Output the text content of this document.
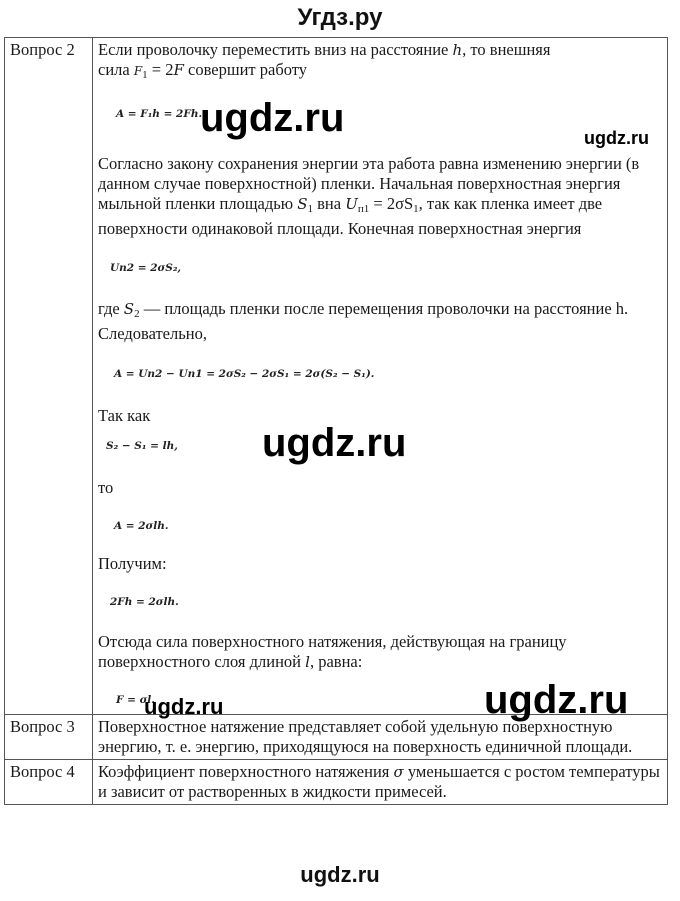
Угдз.ру
Вопрос 2	Если проволочку переместить вниз на расстояние h, то внешняя
сила F1 = 2F совершит работу

A = F₁h = 2Fh.

Согласно закону сохранения энергии эта работа равна изменению энергии (в данном случае поверхностной) пленки. Начальная поверхностная энергия мыльной пленки площадью S1 вна Uп1 = 2σS1, так как пленка имеет две поверхности одинаковой площади. Конечная поверхностная энергия

Uп2 = 2σS₂,

где S2 — площадь пленки после перемещения проволочки на расстояние h.
Следовательно,

A = Uп2 − Uп1 = 2σS₂ − 2σS₁ = 2σ(S₂ − S₁).

Так как

S₂ − S₁ = lh,

то

A = 2σlh.

Получим:

2Fh = 2σlh.

Отсюда сила поверхностного натяжения, действующая на границу поверхностного слоя длиной l, равна:

F = σl.

Вопрос 3	Поверхностное натяжение представляет собой удельную поверхностную энергию, т. е. энергию, приходящуюся на поверхность единичной площади.
Вопрос 4	Коэффициент поверхностного натяжения σ уменьшается с ростом температуры и зависит от растворенных в жидкости примесей.
ugdz.ru	ugdz.ru
ugdz.ru
ugdz.ru	ugdz.ru
ugdz.ru
